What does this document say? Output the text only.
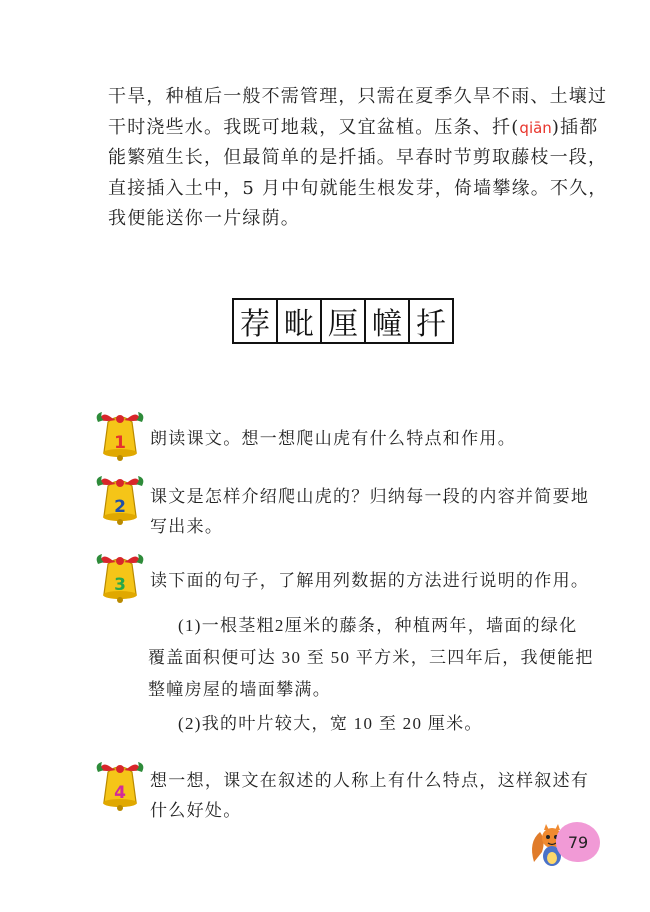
干旱，种植后一般不需管理，只需在夏季久旱不雨、土壤过
干时浇些水。我既可地栽，又宜盆植。压条、扦(qiān)插都
能繁殖生长，但最简单的是扦插。早春时节剪取藤枝一段，
直接插入土中，5 月中旬就能生根发芽，倚墙攀缘。不久，
我便能送你一片绿荫。
荐 毗 厘 幢 扦
1 朗读课文。想一想爬山虎有什么特点和作用。
2
课文是怎样介绍爬山虎的？归纳每一段的内容并简要地写出来。
3 读下面的句子，了解用列数据的方法进行说明的作用。
(1)一根茎粗2厘米的藤条，种植两年，墙面的绿化
覆盖面积便可达 30 至 50 平方米，三四年后，我便能把
整幢房屋的墙面攀满。
(2)我的叶片较大，宽 10 至 20 厘米。
4
想一想，课文在叙述的人称上有什么特点，这样叙述有什么好处。
79
